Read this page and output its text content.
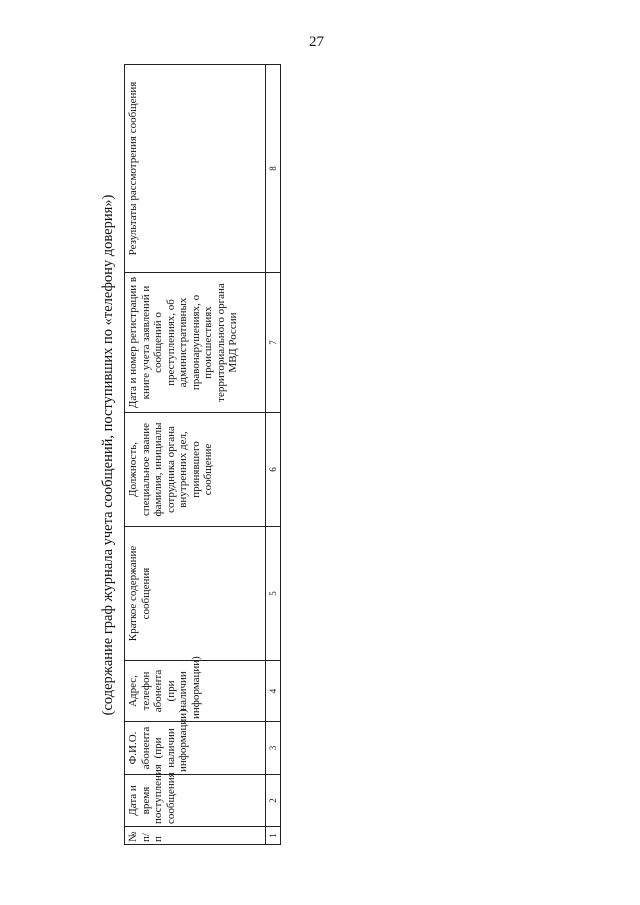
27
(содержание граф журнала учета сообщений, поступивших по «телефону доверия»)
№ п/п	Дата и время поступления сообщения	Ф.И.О. абонента (при наличии информации)	Адрес, телефон абонента (при наличии информации)	Краткое содержание сообщения	Должность, специальное звание фамилия, инициалы сотрудника органа внутренних дел, принявшего сообщение	Дата и номер регистрации в книге учета заявлений и сообщений о преступлениях, об административных правонарушениях, о происшествиях территориального органа МВД России	Результаты рассмотрения сообщения
1	2	3	4	5	6	7	8
